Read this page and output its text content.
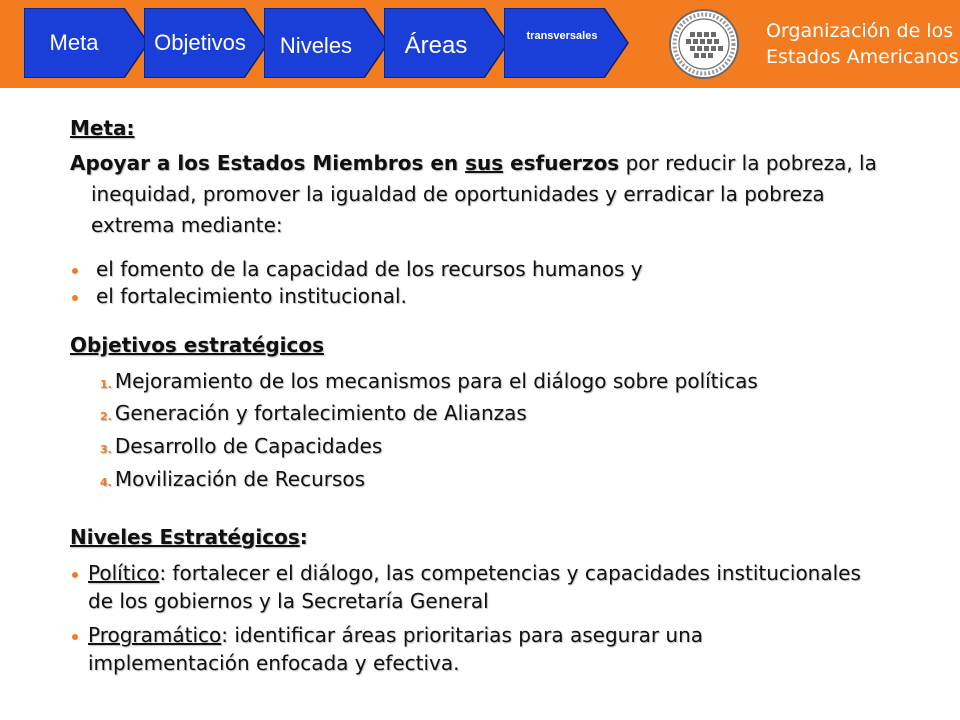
Meta	Objetivos	Niveles	Áreas	transversales	Organización de los
Estados Americanos
Meta:
Apoyar a los Estados Miembros en sus esfuerzos por reducir la pobreza, la
inequidad, promover la igualdad de oportunidades y erradicar la pobreza
extrema mediante:
el fomento de la capacidad de los recursos humanos y
el fortalecimiento institucional.
Objetivos estratégicos
1. Mejoramiento de los mecanismos para el diálogo sobre políticas
2. Generación y fortalecimiento de Alianzas
3. Desarrollo de Capacidades
4. Movilización de Recursos
Niveles Estratégicos:
Político: fortalecer el diálogo, las competencias y capacidades institucionales
de los gobiernos y la Secretaría General
Programático: identificar áreas prioritarias para asegurar una
implementación enfocada y efectiva.
